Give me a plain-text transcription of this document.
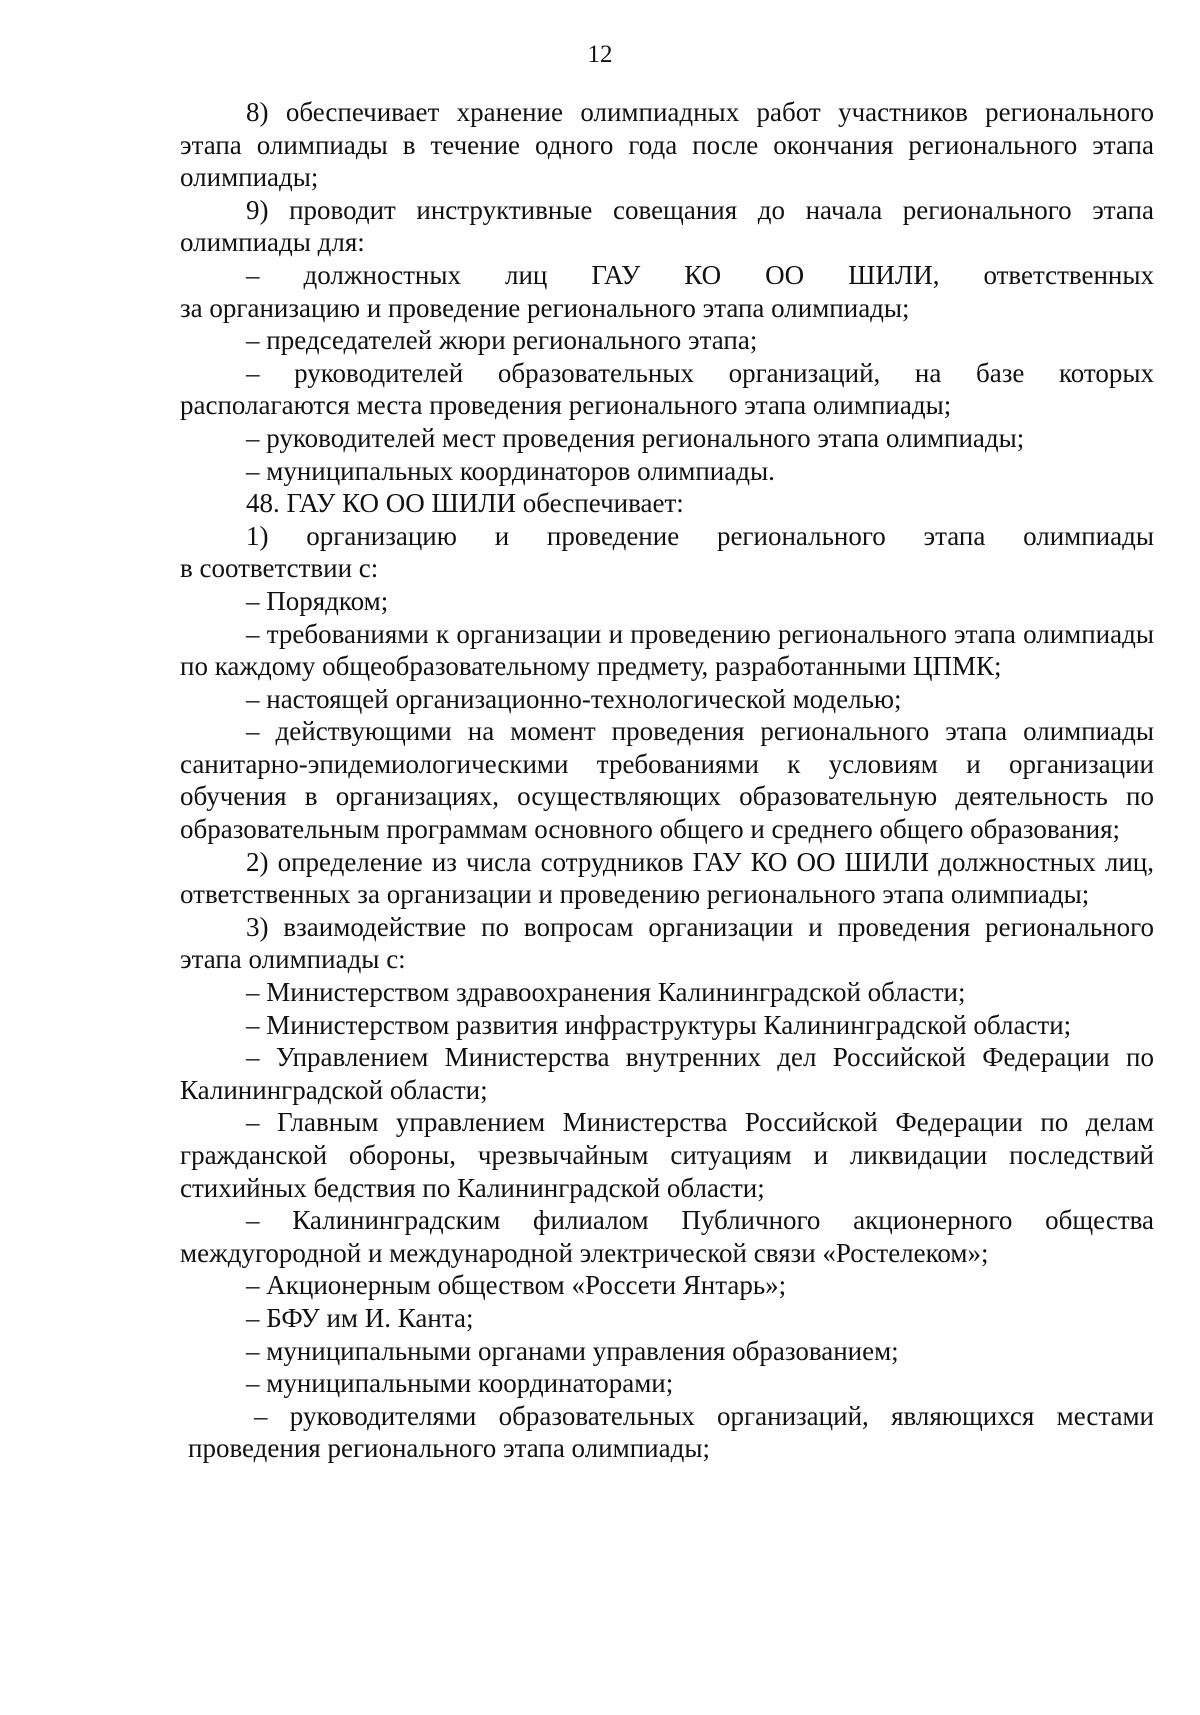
12

8) обеспечивает хранение олимпиадных работ участников регионального этапа олимпиады в течение одного года после окончания регионального этапа олимпиады;

9) проводит инструктивные совещания до начала регионального этапа олимпиады для:

– должностных лиц ГАУ КО ОО ШИЛИ, ответственных
за организацию и проведение регионального этапа олимпиады;

– председателей жюри регионального этапа;

– руководителей образовательных организаций, на базе которых располагаются места проведения регионального этапа олимпиады;

– руководителей мест проведения регионального этапа олимпиады;

– муниципальных координаторов олимпиады.

48. ГАУ КО ОО ШИЛИ обеспечивает:

1) организацию и проведение регионального этапа олимпиады
в соответствии с:

– Порядком;

– требованиями к организации и проведению регионального этапа олимпиады по каждому общеобразовательному предмету, разработанными ЦПМК;

– настоящей организационно-технологической моделью;

– действующими на момент проведения регионального этапа олимпиады санитарно-эпидемиологическими требованиями к условиям и организации обучения в организациях, осуществляющих образовательную деятельность по образовательным программам основного общего и среднего общего образования;

2) определение из числа сотрудников ГАУ КО ОО ШИЛИ должностных лиц, ответственных за организации и проведению регионального этапа олимпиады;

3) взаимодействие по вопросам организации и проведения регионального этапа олимпиады с:

– Министерством здравоохранения Калининградской области;

– Министерством развития инфраструктуры Калининградской области;

– Управлением Министерства внутренних дел Российской Федерации по Калининградской области;

– Главным управлением Министерства Российской Федерации по делам гражданской обороны, чрезвычайным ситуациям и ликвидации последствий стихийных бедствия по Калининградской области;

– Калининградским филиалом Публичного акционерного общества междугородной и международной электрической связи «Ростелеком»;

– Акционерным обществом «Россети Янтарь»;

– БФУ им И. Канта;

– муниципальными органами управления образованием;

– муниципальными координаторами;

– руководителями образовательных организаций, являющихся местами проведения регионального этапа олимпиады;
